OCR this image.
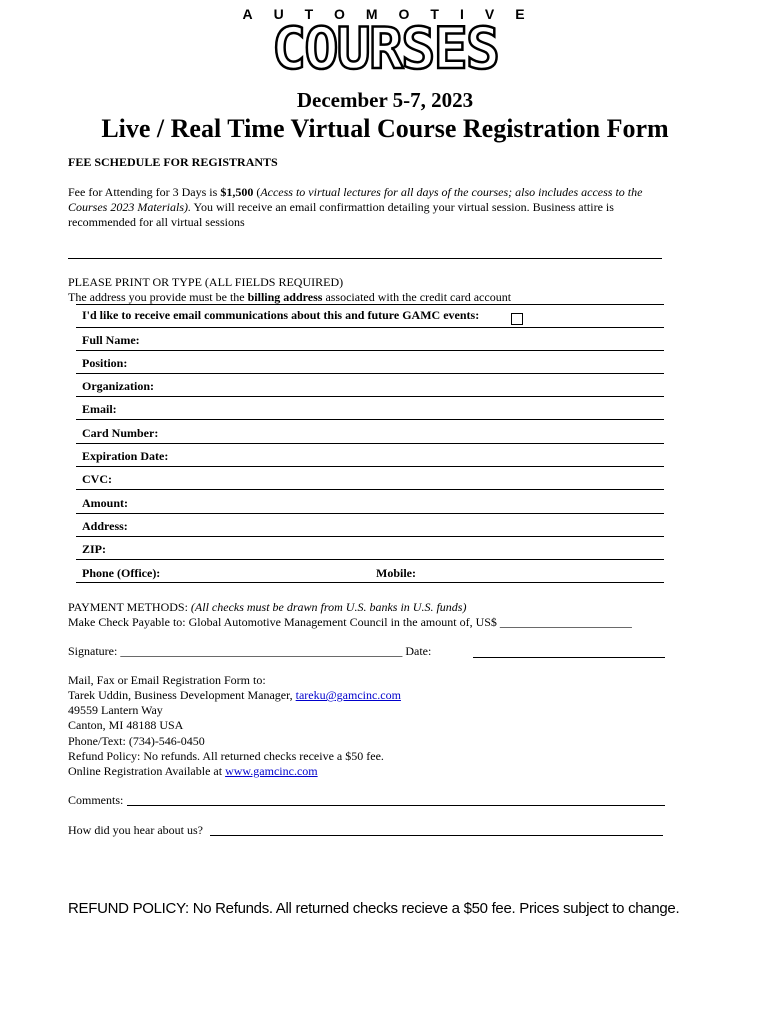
AUTOMOTIVE
COURSES
December 5-7, 2023
Live / Real Time Virtual Course Registration Form
FEE SCHEDULE FOR REGISTRANTS
Fee for Attending for 3 Days is $1,500 (Access to virtual lectures for all days of the courses; also includes access to the Courses 2023 Materials). You will receive an email confirmattion detailing your virtual session. Business attire is recommended for all virtual sessions
PLEASE PRINT OR TYPE (ALL FIELDS REQUIRED)
The address you provide must be the billing address associated with the credit card account
I'd like to receive email communications about this and future GAMC events:
Full Name:
Position:
Organization:
Email:
Card Number:
Expiration Date:
CVC:
Amount:
Address:
ZIP:
Phone (Office):	Mobile:
PAYMENT METHODS: (All checks must be drawn from U.S. banks in U.S. funds)
Make Check Payable to: Global Automotive Management Council in the amount of, US$ ______________________
Signature: _______________________________________________ Date:
Mail, Fax or Email Registration Form to:
Tarek Uddin, Business Development Manager, tareku@gamcinc.com
49559 Lantern Way
Canton, MI 48188 USA
Phone/Text: (734)-546-0450
Refund Policy: No refunds. All returned checks receive a $50 fee.
Online Registration Available at www.gamcinc.com
Comments:
How did you hear about us?
REFUND POLICY: No Refunds. All returned checks recieve a $50 fee. Prices subject to change.
